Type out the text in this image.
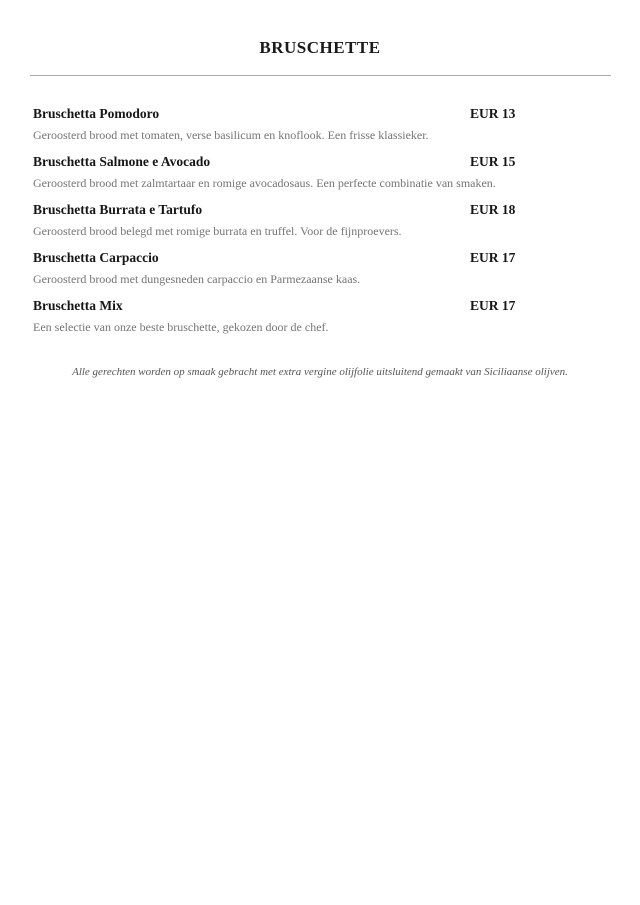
BRUSCHETTE
Bruschetta Pomodoro	EUR 13
Geroosterd brood met tomaten, verse basilicum en knoflook. Een frisse klassieker.
Bruschetta Salmone e Avocado	EUR 15
Geroosterd brood met zalmtartaar en romige avocadosaus. Een perfecte combinatie van smaken.
Bruschetta Burrata e Tartufo	EUR 18
Geroosterd brood belegd met romige burrata en truffel. Voor de fijnproevers.
Bruschetta Carpaccio	EUR 17
Geroosterd brood met dungesneden carpaccio en Parmezaanse kaas.
Bruschetta Mix	EUR 17
Een selectie van onze beste bruschette, gekozen door de chef.
Alle gerechten worden op smaak gebracht met extra vergine olijfolie uitsluitend gemaakt van Siciliaanse olijven.
